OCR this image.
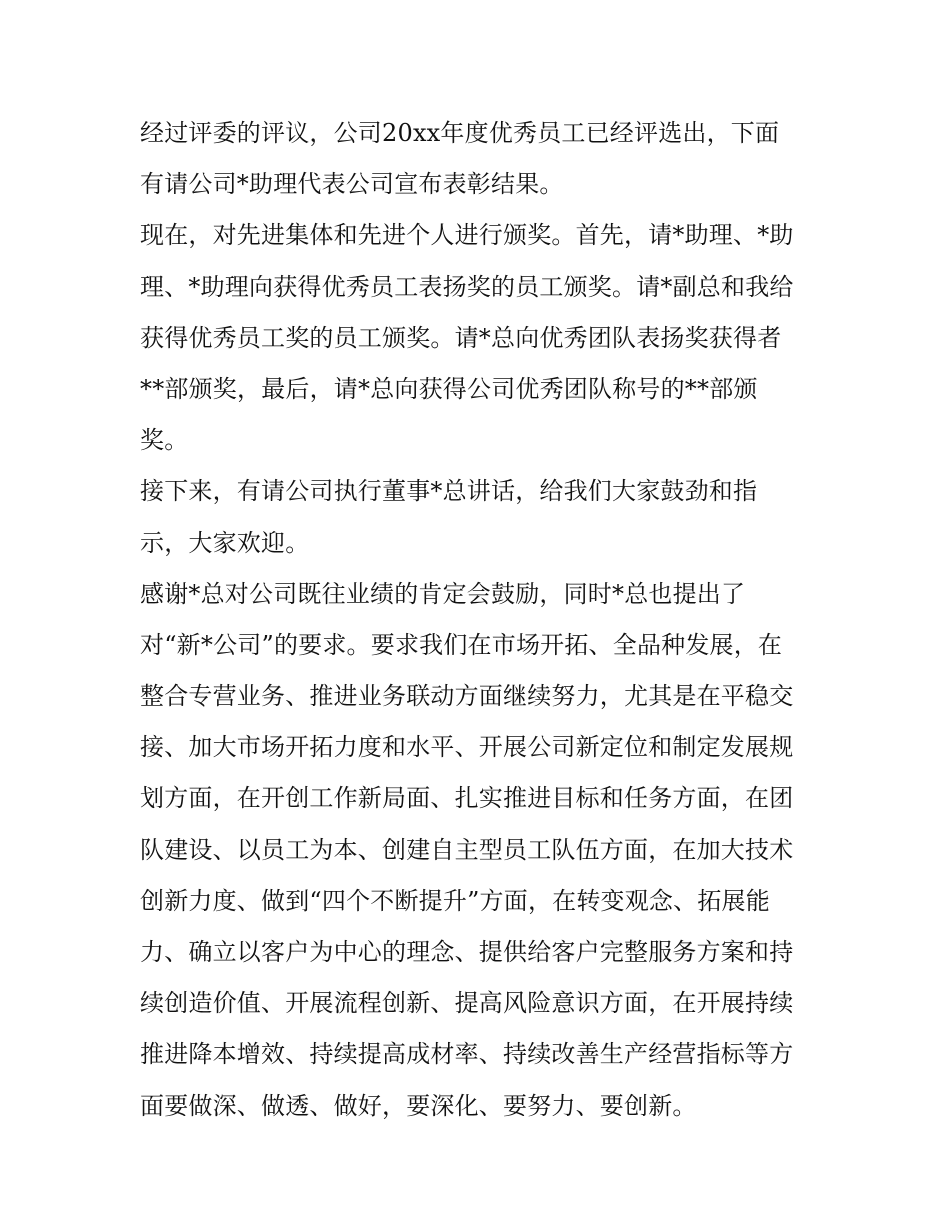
经过评委的评议，公司20xx年度优秀员工已经评选出，下面
有请公司*助理代表公司宣布表彰结果。
现在，对先进集体和先进个人进行颁奖。首先，请*助理、*助
理、*助理向获得优秀员工表扬奖的员工颁奖。请*副总和我给
获得优秀员工奖的员工颁奖。请*总向优秀团队表扬奖获得者
**部颁奖，最后，请*总向获得公司优秀团队称号的**部颁
奖。
接下来，有请公司执行董事*总讲话，给我们大家鼓劲和指
示，大家欢迎。
感谢*总对公司既往业绩的肯定会鼓励，同时*总也提出了
对“新*公司”的要求。要求我们在市场开拓、全品种发展，在
整合专营业务、推进业务联动方面继续努力，尤其是在平稳交
接、加大市场开拓力度和水平、开展公司新定位和制定发展规
划方面，在开创工作新局面、扎实推进目标和任务方面，在团
队建设、以员工为本、创建自主型员工队伍方面，在加大技术
创新力度、做到“四个不断提升”方面，在转变观念、拓展能
力、确立以客户为中心的理念、提供给客户完整服务方案和持
续创造价值、开展流程创新、提高风险意识方面，在开展持续
推进降本增效、持续提高成材率、持续改善生产经营指标等方
面要做深、做透、做好，要深化、要努力、要创新。
